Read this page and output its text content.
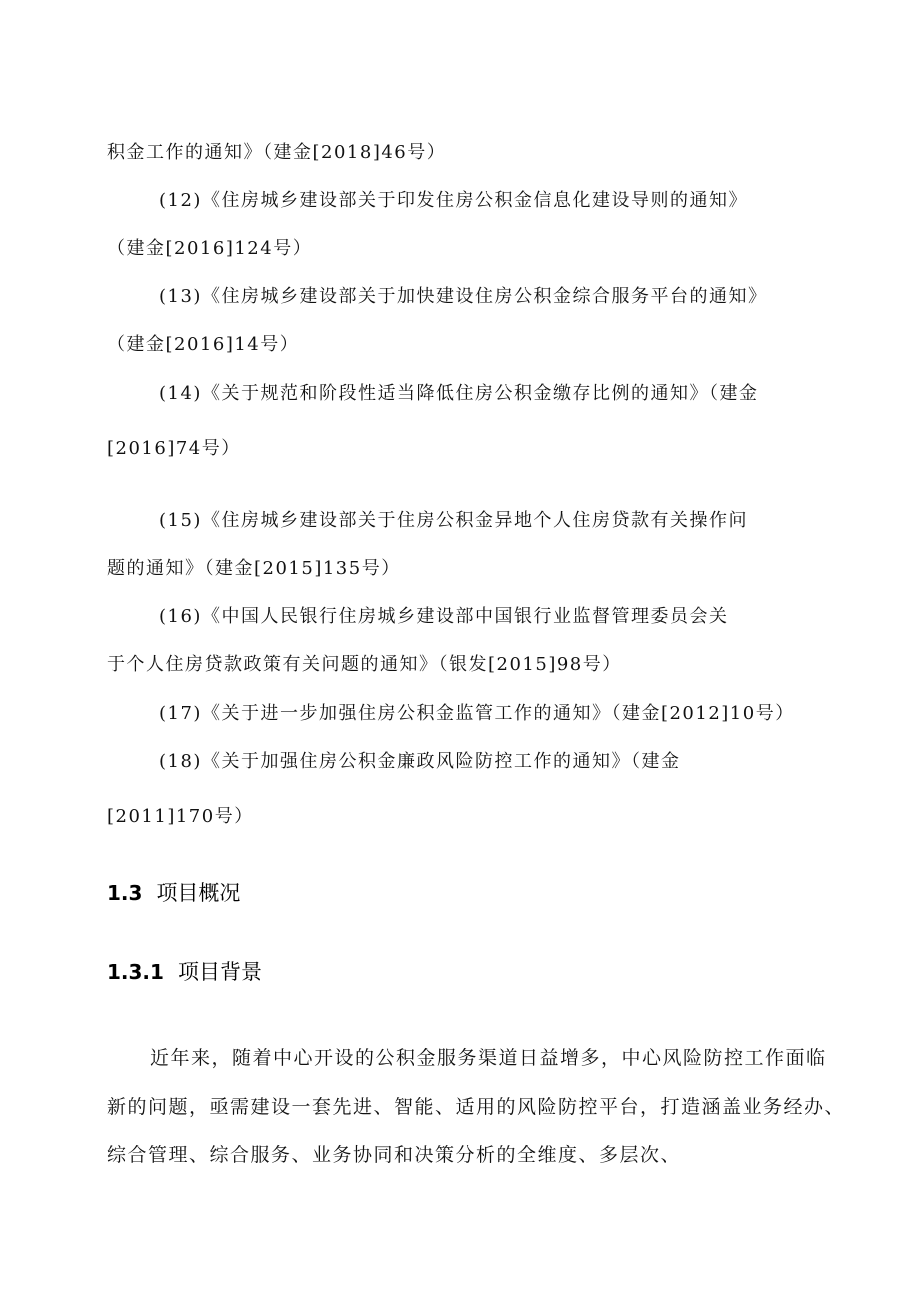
积金工作的通知》（建金[2018]46号）
(12)《住房城乡建设部关于印发住房公积金信息化建设导则的通知》
（建金[2016]124号）
(13)《住房城乡建设部关于加快建设住房公积金综合服务平台的通知》
（建金[2016]14号）
(14)《关于规范和阶段性适当降低住房公积金缴存比例的通知》（建金
[2016]74号）
(15)《住房城乡建设部关于住房公积金异地个人住房贷款有关操作问
题的通知》（建金[2015]135号）
(16)《中国人民银行住房城乡建设部中国银行业监督管理委员会关
于个人住房贷款政策有关问题的通知》（银发[2015]98号）
(17)《关于进一步加强住房公积金监管工作的通知》（建金[2012]10号）
(18)《关于加强住房公积金廉政风险防控工作的通知》（建金
[2011]170号）
1.3 项目概况
1.3.1 项目背景
近年来，随着中心开设的公积金服务渠道日益增多，中心风险防控工作面临
新的问题，亟需建设一套先进、智能、适用的风险防控平台，打造涵盖业务经办、
综合管理、综合服务、业务协同和决策分析的全维度、多层次、
